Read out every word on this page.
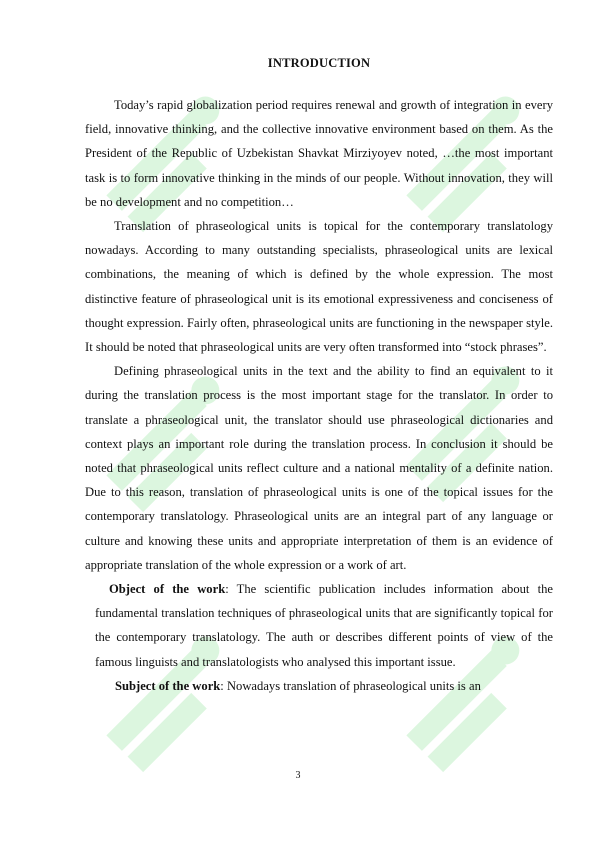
INTRODUCTION

Today’s rapid globalization period requires renewal and growth of integration in every field, innovative thinking, and the collective innovative environment based on them. As the President of the Republic of Uzbekistan Shavkat Mirziyoyev noted, …the most important task is to form innovative thinking in the minds of our people. Without innovation, they will be no development and no competition…

Translation of phraseological units is topical for the contemporary translatology nowadays. According to many outstanding specialists, phraseological units are lexical combinations, the meaning of which is defined by the whole expression. The most distinctive feature of phraseological unit is its emotional expressiveness and conciseness of thought expression. Fairly often, phraseological units are functioning in the newspaper style. It should be noted that phraseological units are very often transformed into “stock phrases”.

Defining phraseological units in the text and the ability to find an equivalent to it during the translation process is the most important stage for the translator. In order to translate a phraseological unit, the translator should use phraseological dictionaries and context plays an important role during the translation process. In conclusion it should be noted that phraseological units reflect culture and a national mentality of a definite nation. Due to this reason, translation of phraseological units is one of the topical issues for the contemporary translatology. Phraseological units are an integral part of any language or culture and knowing these units and appropriate interpretation of them is an evidence of appropriate translation of the whole expression or a work of art.

Object of the work: The scientific publication includes information about the fundamental translation techniques of phraseological units that are significantly topical for the contemporary translatology. The auth or describes different points of view of the famous linguists and translatologists who analysed this important issue.

Subject of the work: Nowadays translation of phraseological units is an

3
